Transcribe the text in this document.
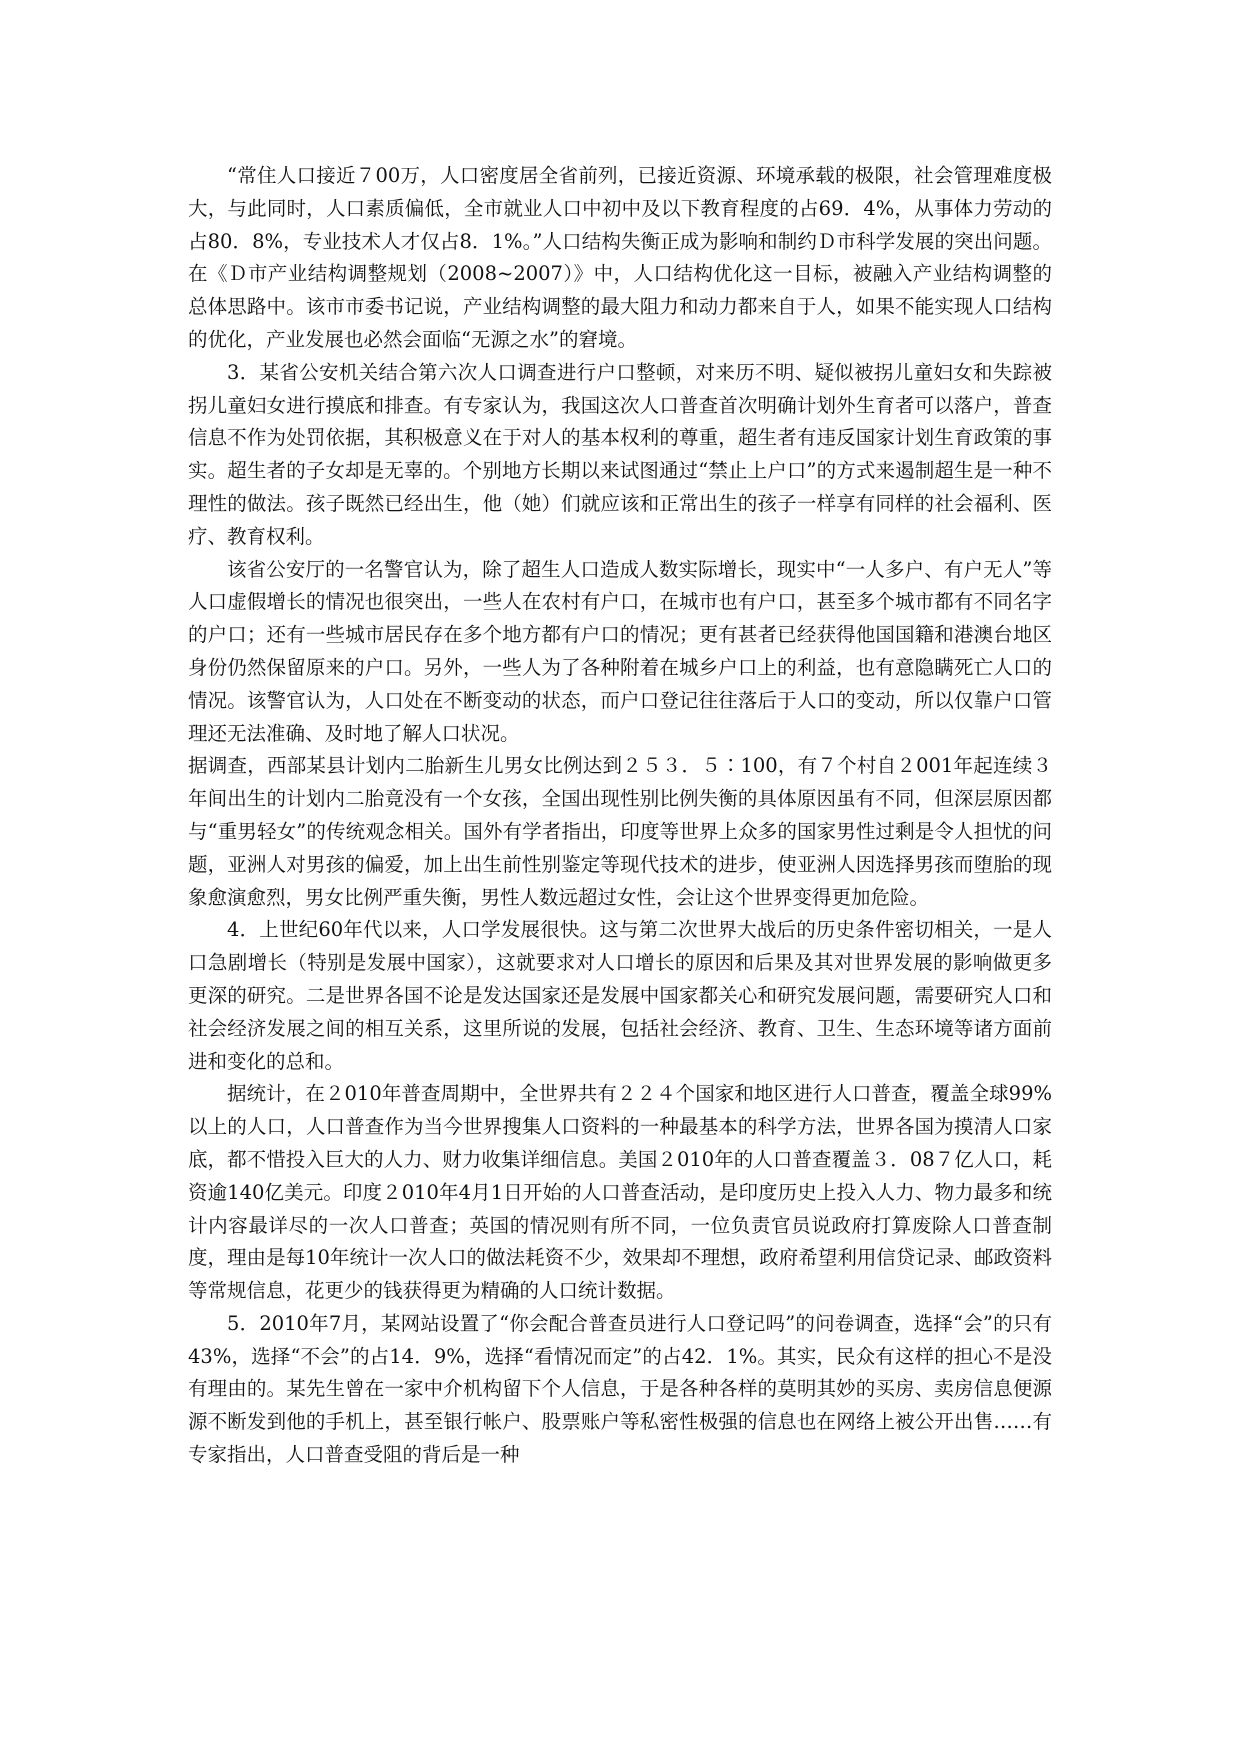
“常住人口接近７00万，人口密度居全省前列，已接近资源、环境承载的极限，社会管理难度极大，与此同时，人口素质偏低，全市就业人口中初中及以下教育程度的占69．4%，从事体力劳动的占80．8%，专业技术人才仅占8．1%。”人口结构失衡正成为影响和制约Ｄ市科学发展的突出问题。在《Ｄ市产业结构调整规划（2008~2007）》中，人口结构优化这一目标，被融入产业结构调整的总体思路中。该市市委书记说，产业结构调整的最大阻力和动力都来自于人，如果不能实现人口结构的优化，产业发展也必然会面临“无源之水”的窘境。

3．某省公安机关结合第六次人口调查进行户口整顿，对来历不明、疑似被拐儿童妇女和失踪被拐儿童妇女进行摸底和排查。有专家认为，我国这次人口普查首次明确计划外生育者可以落户，普查信息不作为处罚依据，其积极意义在于对人的基本权利的尊重，超生者有违反国家计划生育政策的事实。超生者的子女却是无辜的。个别地方长期以来试图通过“禁止上户口”的方式来遏制超生是一种不理性的做法。孩子既然已经出生，他（她）们就应该和正常出生的孩子一样享有同样的社会福利、医疗、教育权利。

该省公安厅的一名警官认为，除了超生人口造成人数实际增长，现实中“一人多户、有户无人”等人口虚假增长的情况也很突出，一些人在农村有户口，在城市也有户口，甚至多个城市都有不同名字的户口；还有一些城市居民存在多个地方都有户口的情况；更有甚者已经获得他国国籍和港澳台地区身份仍然保留原来的户口。另外，一些人为了各种附着在城乡户口上的利益，也有意隐瞒死亡人口的情况。该警官认为，人口处在不断变动的状态，而户口登记往往落后于人口的变动，所以仅靠户口管理还无法准确、及时地了解人口状况。

据调查，西部某县计划内二胎新生儿男女比例达到２５３．５∶100，有７个村自２001年起连续３年间出生的计划内二胎竟没有一个女孩，全国出现性别比例失衡的具体原因虽有不同，但深层原因都与“重男轻女”的传统观念相关。国外有学者指出，印度等世界上众多的国家男性过剩是令人担忧的问题，亚洲人对男孩的偏爱，加上出生前性别鉴定等现代技术的进步，使亚洲人因选择男孩而堕胎的现象愈演愈烈，男女比例严重失衡，男性人数远超过女性，会让这个世界变得更加危险。

4．上世纪60年代以来，人口学发展很快。这与第二次世界大战后的历史条件密切相关，一是人口急剧增长（特别是发展中国家），这就要求对人口增长的原因和后果及其对世界发展的影响做更多更深的研究。二是世界各国不论是发达国家还是发展中国家都关心和研究发展问题，需要研究人口和社会经济发展之间的相互关系，这里所说的发展，包括社会经济、教育、卫生、生态环境等诸方面前进和变化的总和。

据统计，在２010年普查周期中，全世界共有２２４个国家和地区进行人口普查，覆盖全球99%以上的人口，人口普查作为当今世界搜集人口资料的一种最基本的科学方法，世界各国为摸清人口家底，都不惜投入巨大的人力、财力收集详细信息。美国２010年的人口普查覆盖３．08７亿人口，耗资逾140亿美元。印度２010年4月1日开始的人口普查活动，是印度历史上投入人力、物力最多和统计内容最详尽的一次人口普查；英国的情况则有所不同，一位负责官员说政府打算废除人口普查制度，理由是每10年统计一次人口的做法耗资不少，效果却不理想，政府希望利用信贷记录、邮政资料等常规信息，花更少的钱获得更为精确的人口统计数据。

5．2010年7月，某网站设置了“你会配合普查员进行人口登记吗”的问卷调查，选择“会”的只有43%，选择“不会”的占14．9%，选择“看情况而定”的占42．1%。其实，民众有这样的担心不是没有理由的。某先生曾在一家中介机构留下个人信息，于是各种各样的莫明其妙的买房、卖房信息便源源不断发到他的手机上，甚至银行帐户、股票账户等私密性极强的信息也在网络上被公开出售……有专家指出，人口普查受阻的背后是一种
